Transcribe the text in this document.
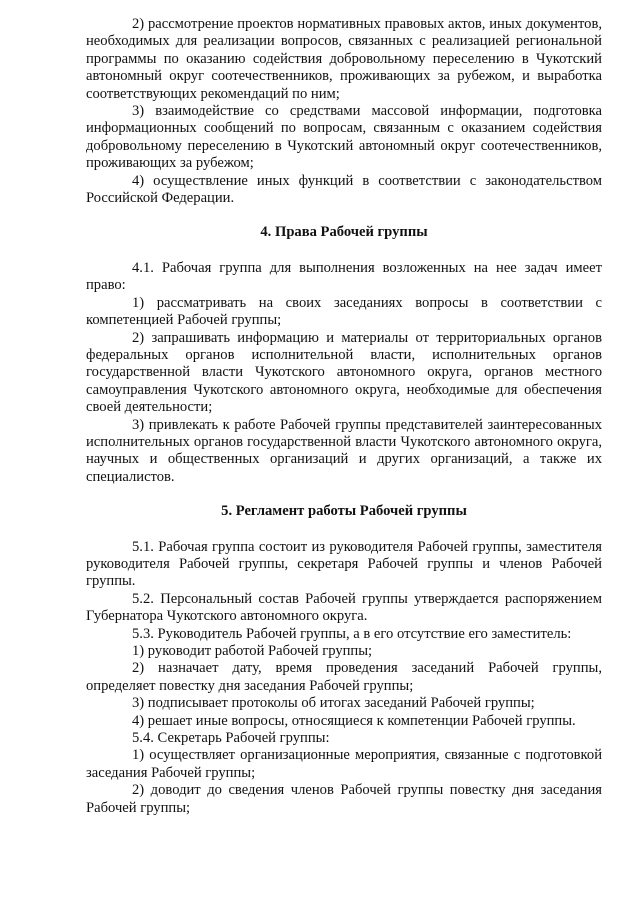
2) рассмотрение проектов нормативных правовых актов, иных документов, необходимых для реализации вопросов, связанных с реализацией региональной программы по оказанию содействия добровольному переселению в Чукотский автономный округ соотечественников, проживающих за рубежом, и выработка соответствующих рекомендаций по ним;

3) взаимодействие со средствами массовой информации, подготовка информационных сообщений по вопросам, связанным с оказанием содействия добровольному переселению в Чукотский автономный округ соотечественников, проживающих за рубежом;

4) осуществление иных функций в соответствии с законодательством Российской Федерации.

4. Права Рабочей группы

4.1. Рабочая группа для выполнения возложенных на нее задач имеет право:

1) рассматривать на своих заседаниях вопросы в соответствии с компетенцией Рабочей группы;

2) запрашивать информацию и материалы от территориальных органов федеральных органов исполнительной власти, исполнительных органов государственной власти Чукотского автономного округа, органов местного самоуправления Чукотского автономного округа, необходимые для обеспечения своей деятельности;

3) привлекать к работе Рабочей группы представителей заинтересованных исполнительных органов государственной власти Чукотского автономного округа, научных и общественных организаций и других организаций, а также их специалистов.

5. Регламент работы Рабочей группы

5.1. Рабочая группа состоит из руководителя Рабочей группы, заместителя руководителя Рабочей группы, секретаря Рабочей группы и членов Рабочей группы.

5.2. Персональный состав Рабочей группы утверждается распоряжением Губернатора Чукотского автономного округа.

5.3. Руководитель Рабочей группы, а в его отсутствие его заместитель:

1) руководит работой Рабочей группы;

2) назначает дату, время проведения заседаний Рабочей группы, определяет повестку дня заседания Рабочей группы;

3) подписывает протоколы об итогах заседаний Рабочей группы;

4) решает иные вопросы, относящиеся к компетенции Рабочей группы.

5.4. Секретарь Рабочей группы:

1) осуществляет организационные мероприятия, связанные с подготовкой заседания Рабочей группы;

2) доводит до сведения членов Рабочей группы повестку дня заседания Рабочей группы;
